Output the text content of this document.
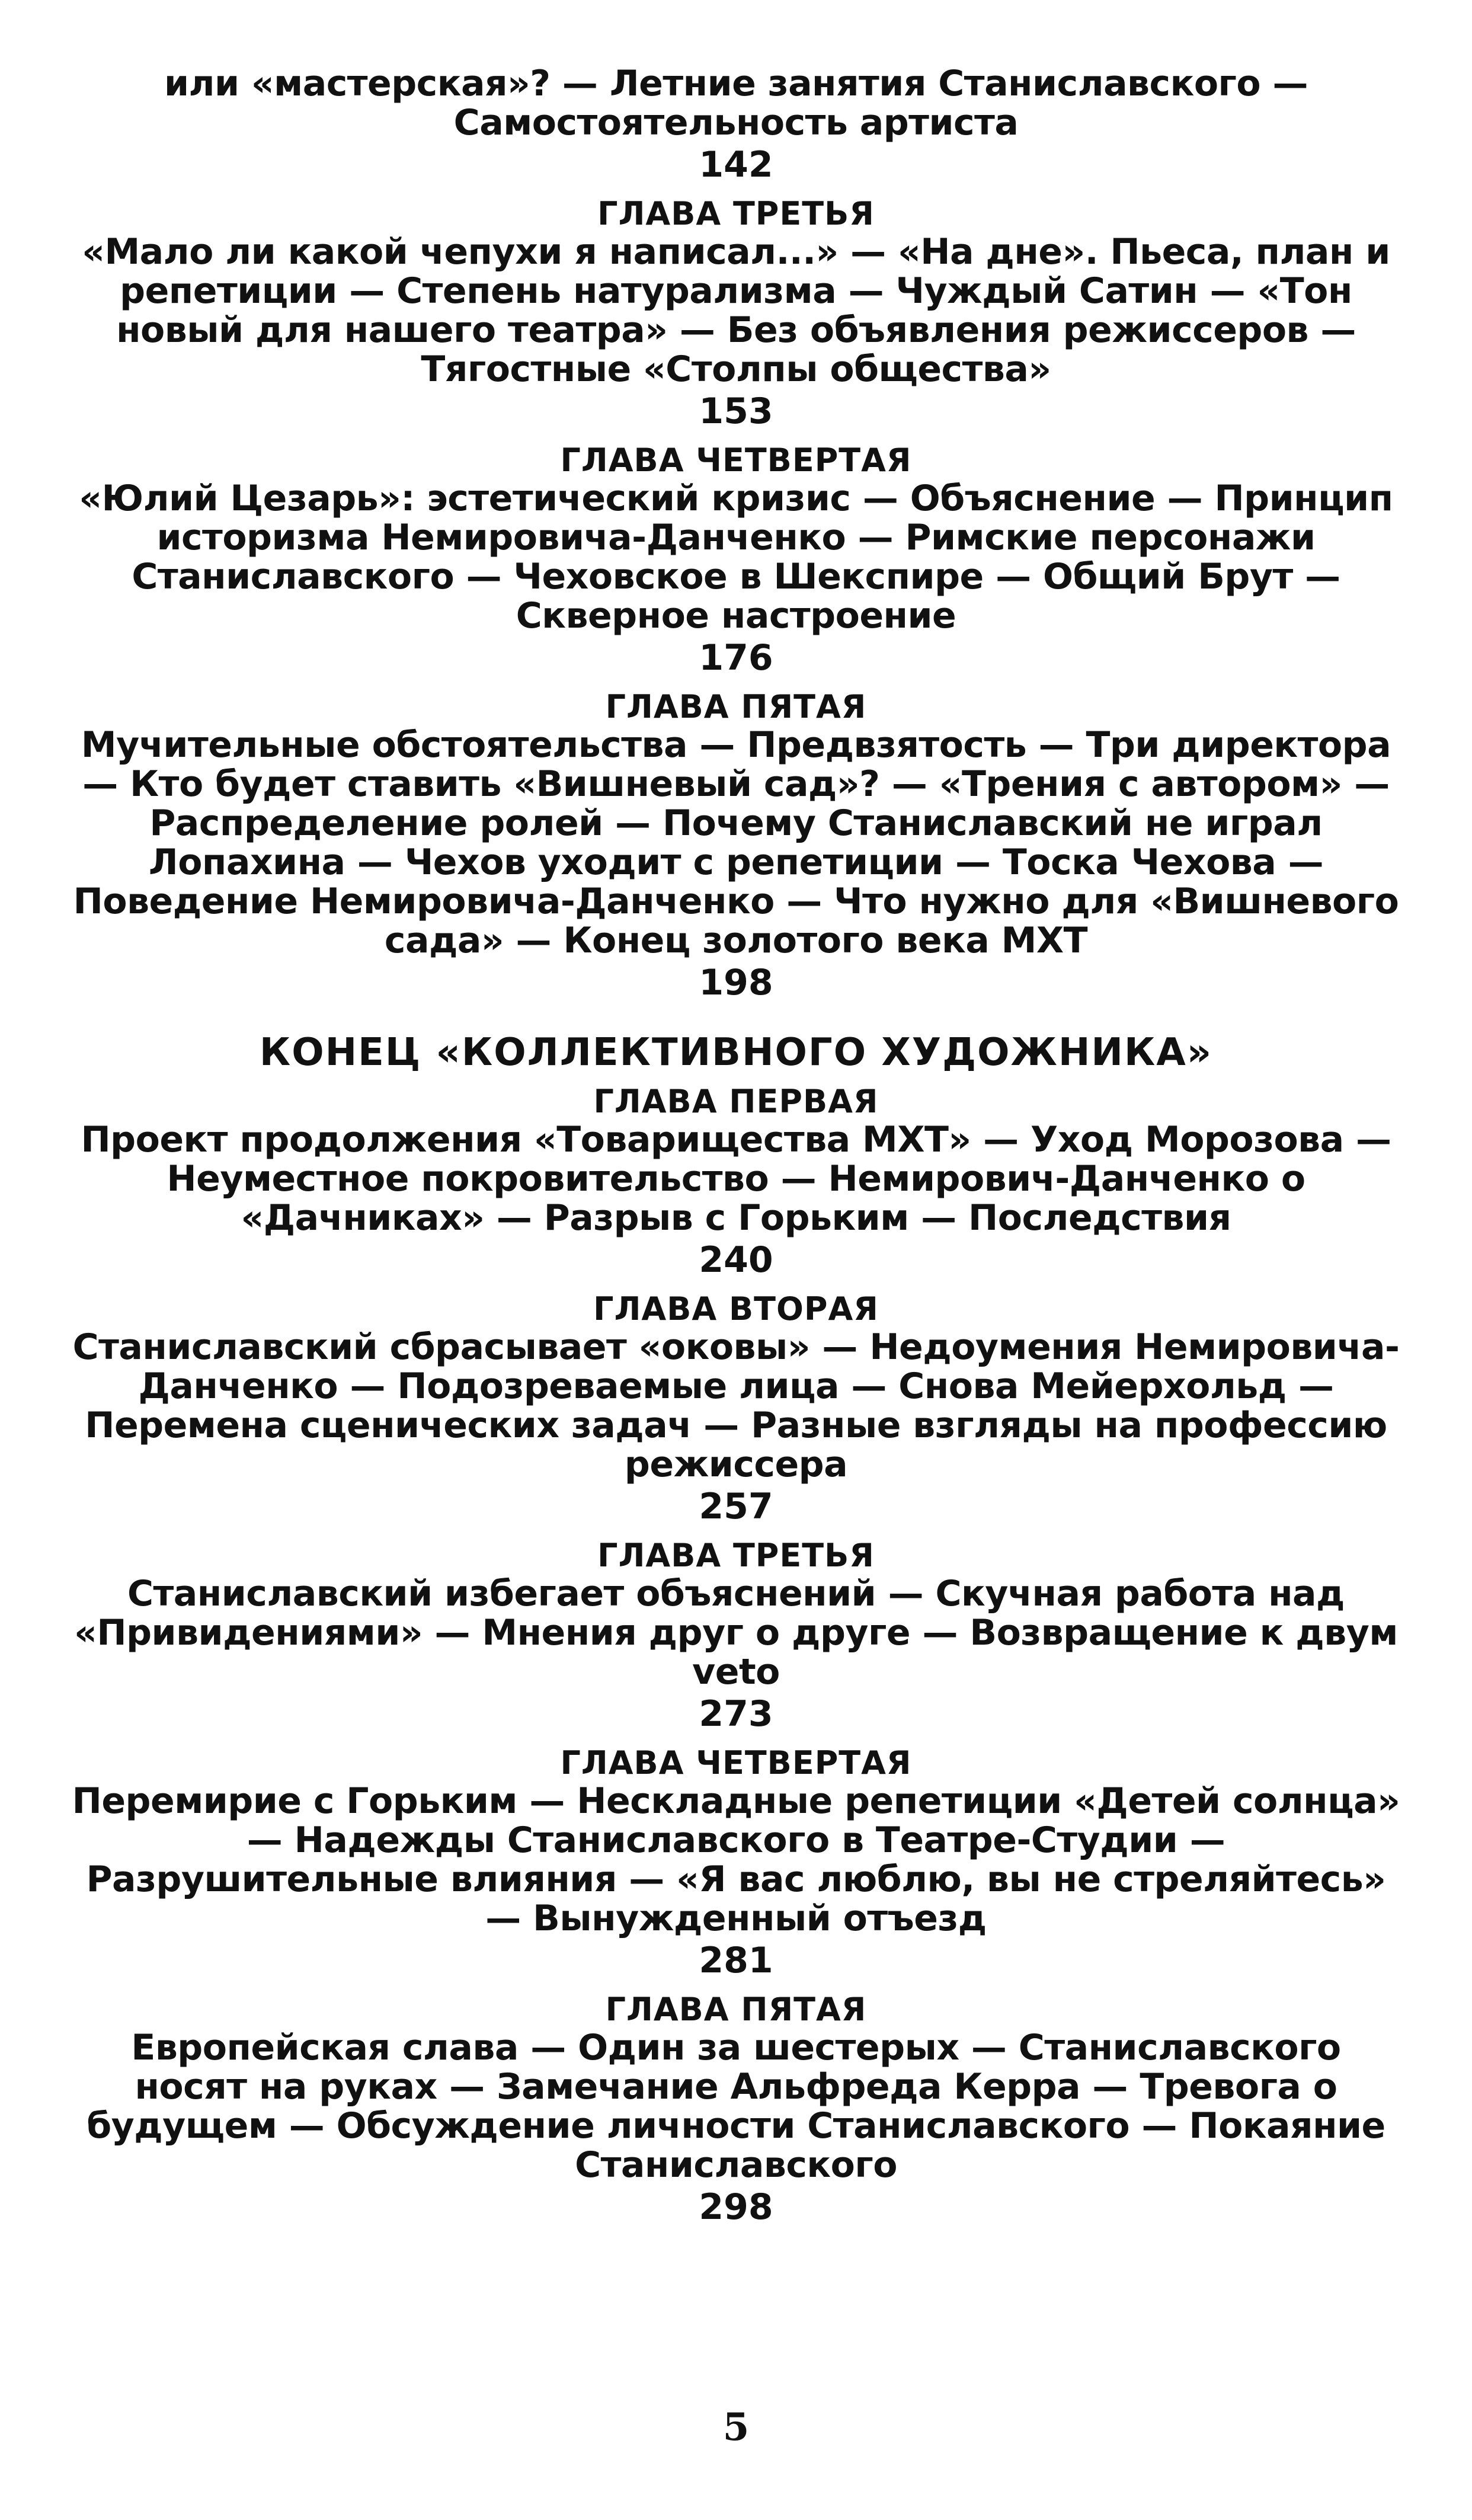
или «мастерская»? — Летние занятия Станиславского — Самостоятельность артиста

142
ГЛАВА ТРЕТЬЯ

«Мало ли какой чепухи я написал...» — «На дне». Пьеса, план и репетиции — Степень натурализма — Чуждый Сатин — «Тон новый для нашего театра» — Без объявления режиссеров — Тягостные «Столпы общества»

153
ГЛАВА ЧЕТВЕРТАЯ

«Юлий Цезарь»: эстетический кризис — Объяснение — Принцип историзма Немировича-Данченко — Римские персонажи Станиславского — Чеховское в Шекспире — Общий Брут — Скверное настроение

176
ГЛАВА ПЯТАЯ

Мучительные обстоятельства — Предвзятость — Три директора — Кто будет ставить «Вишневый сад»? — «Трения с автором» — Распределение ролей — Почему Станиславский не играл Лопахина — Чехов уходит с репетиции — Тоска Чехова — Поведение Немировича-Данченко — Что нужно для «Вишневого сада» — Конец золотого века МХТ

198
КОНЕЦ «КОЛЛЕКТИВНОГО ХУДОЖНИКА»
ГЛАВА ПЕРВАЯ

Проект продолжения «Товарищества МХТ» — Уход Морозова — Неуместное покровительство — Немирович-Данченко о «Дачниках» — Разрыв с Горьким — Последствия

240
ГЛАВА ВТОРАЯ

Станиславский сбрасывает «оковы» — Недоумения Немировича-Данченко — Подозреваемые лица — Снова Мейерхольд — Перемена сценических задач — Разные взгляды на профессию режиссера

257
ГЛАВА ТРЕТЬЯ

Станиславский избегает объяснений — Скучная работа над «Привидениями» — Мнения друг о друге — Возвращение к двум veto

273
ГЛАВА ЧЕТВЕРТАЯ

Перемирие с Горьким — Нескладные репетиции «Детей солнца» — Надежды Станиславского в Театре-Студии — Разрушительные влияния — «Я вас люблю, вы не стреляйтесь» — Вынужденный отъезд

281
ГЛАВА ПЯТАЯ

Европейская слава — Один за шестерых — Станиславского носят на руках — Замечание Альфреда Керра — Тревога о будущем — Обсуждение личности Станиславского — Покаяние Станиславского

298
5
